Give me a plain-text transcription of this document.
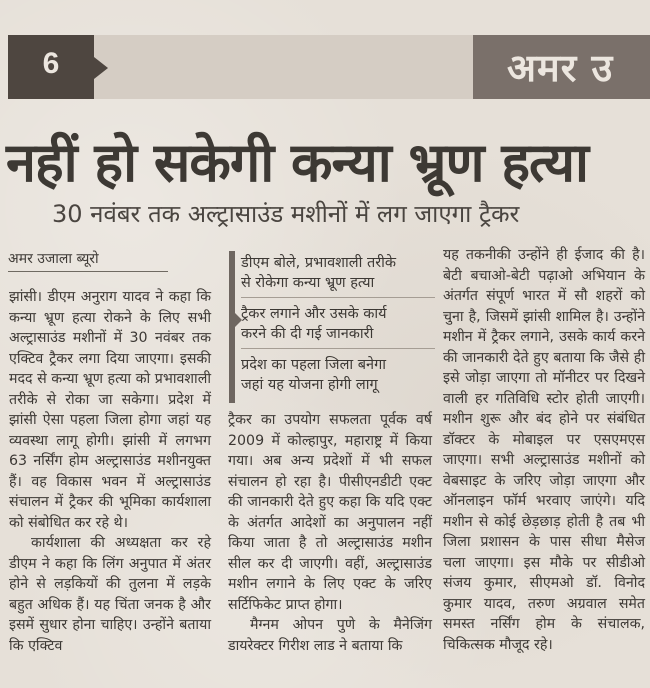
6	अमर उ
नहीं हो सकेगी कन्या भ्रूण हत्या
30 नवंबर तक अल्ट्रासाउंड मशीनों में लग जाएगा ट्रैकर
अमर उजाला ब्यूरो

झांसी। डीएम अनुराग यादव ने कहा कि कन्या भ्रूण हत्या रोकने के लिए सभी अल्ट्रासाउंड मशीनों में 30 नवंबर तक एक्टिव ट्रैकर लगा दिया जाएगा। इसकी मदद से कन्या भ्रूण हत्या को प्रभावशाली तरीके से रोका जा सकेगा। प्रदेश में झांसी ऐसा पहला जिला होगा जहां यह व्यवस्था लागू होगी। झांसी में लगभग 63 नर्सिंग होम अल्ट्रासाउंड मशीनयुक्त हैं। वह विकास भवन में अल्ट्रासाउंड संचालन में ट्रैकर की भूमिका कार्यशाला को संबोधित कर रहे थे।

कार्यशाला की अध्यक्षता कर रहे डीएम ने कहा कि लिंग अनुपात में अंतर होने से लड़कियों की तुलना में लड़के बहुत अधिक हैं। यह चिंता जनक है और इसमें सुधार होना चाहिए। उन्होंने बताया कि एक्टिव

डीएम बोले, प्रभावशाली तरीके
से रोकेगा कन्या भ्रूण हत्या
ट्रैकर लगाने और उसके कार्य
करने की दी गई जानकारी
प्रदेश का पहला जिला बनेगा
जहां यह योजना होगी लागू

ट्रैकर का उपयोग सफलता पूर्वक वर्ष 2009 में कोल्हापुर, महाराष्ट्र में किया गया। अब अन्य प्रदेशों में भी सफल संचालन हो रहा है। पीसीएनडीटी एक्ट की जानकारी देते हुए कहा कि यदि एक्ट के अंतर्गत आदेशों का अनुपालन नहीं किया जाता है तो अल्ट्रासाउंड मशीन सील कर दी जाएगी। वहीं, अल्ट्रासाउंड मशीन लगाने के लिए एक्ट के जरिए सर्टिफिकेट प्राप्त होगा।

मैग्नम ओपन पुणे के मैनेजिंग डायरेक्टर गिरीश लाड ने बताया कि

यह तकनीकी उन्होंने ही ईजाद की है। बेटी बचाओ-बेटी पढ़ाओ अभियान के अंतर्गत संपूर्ण भारत में सौ शहरों को चुना है, जिसमें झांसी शामिल है। उन्होंने मशीन में ट्रैकर लगाने, उसके कार्य करने की जानकारी देते हुए बताया कि जैसे ही इसे जोड़ा जाएगा तो मॉनीटर पर दिखने वाली हर गतिविधि स्टोर होती जाएगी। मशीन शुरू और बंद होने पर संबंधित डॉक्टर के मोबाइल पर एसएमएस जाएगा। सभी अल्ट्रासाउंड मशीनों को वेबसाइट के जरिए जोड़ा जाएगा और ऑनलाइन फॉर्म भरवाए जाएंगे। यदि मशीन से कोई छेड़छाड़ होती है तब भी जिला प्रशासन के पास सीधा मैसेज चला जाएगा। इस मौके पर सीडीओ संजय कुमार, सीएमओ डॉ. विनोद कुमार यादव, तरुण अग्रवाल समेत समस्त नर्सिंग होम के संचालक, चिकित्सक मौजूद रहे।
